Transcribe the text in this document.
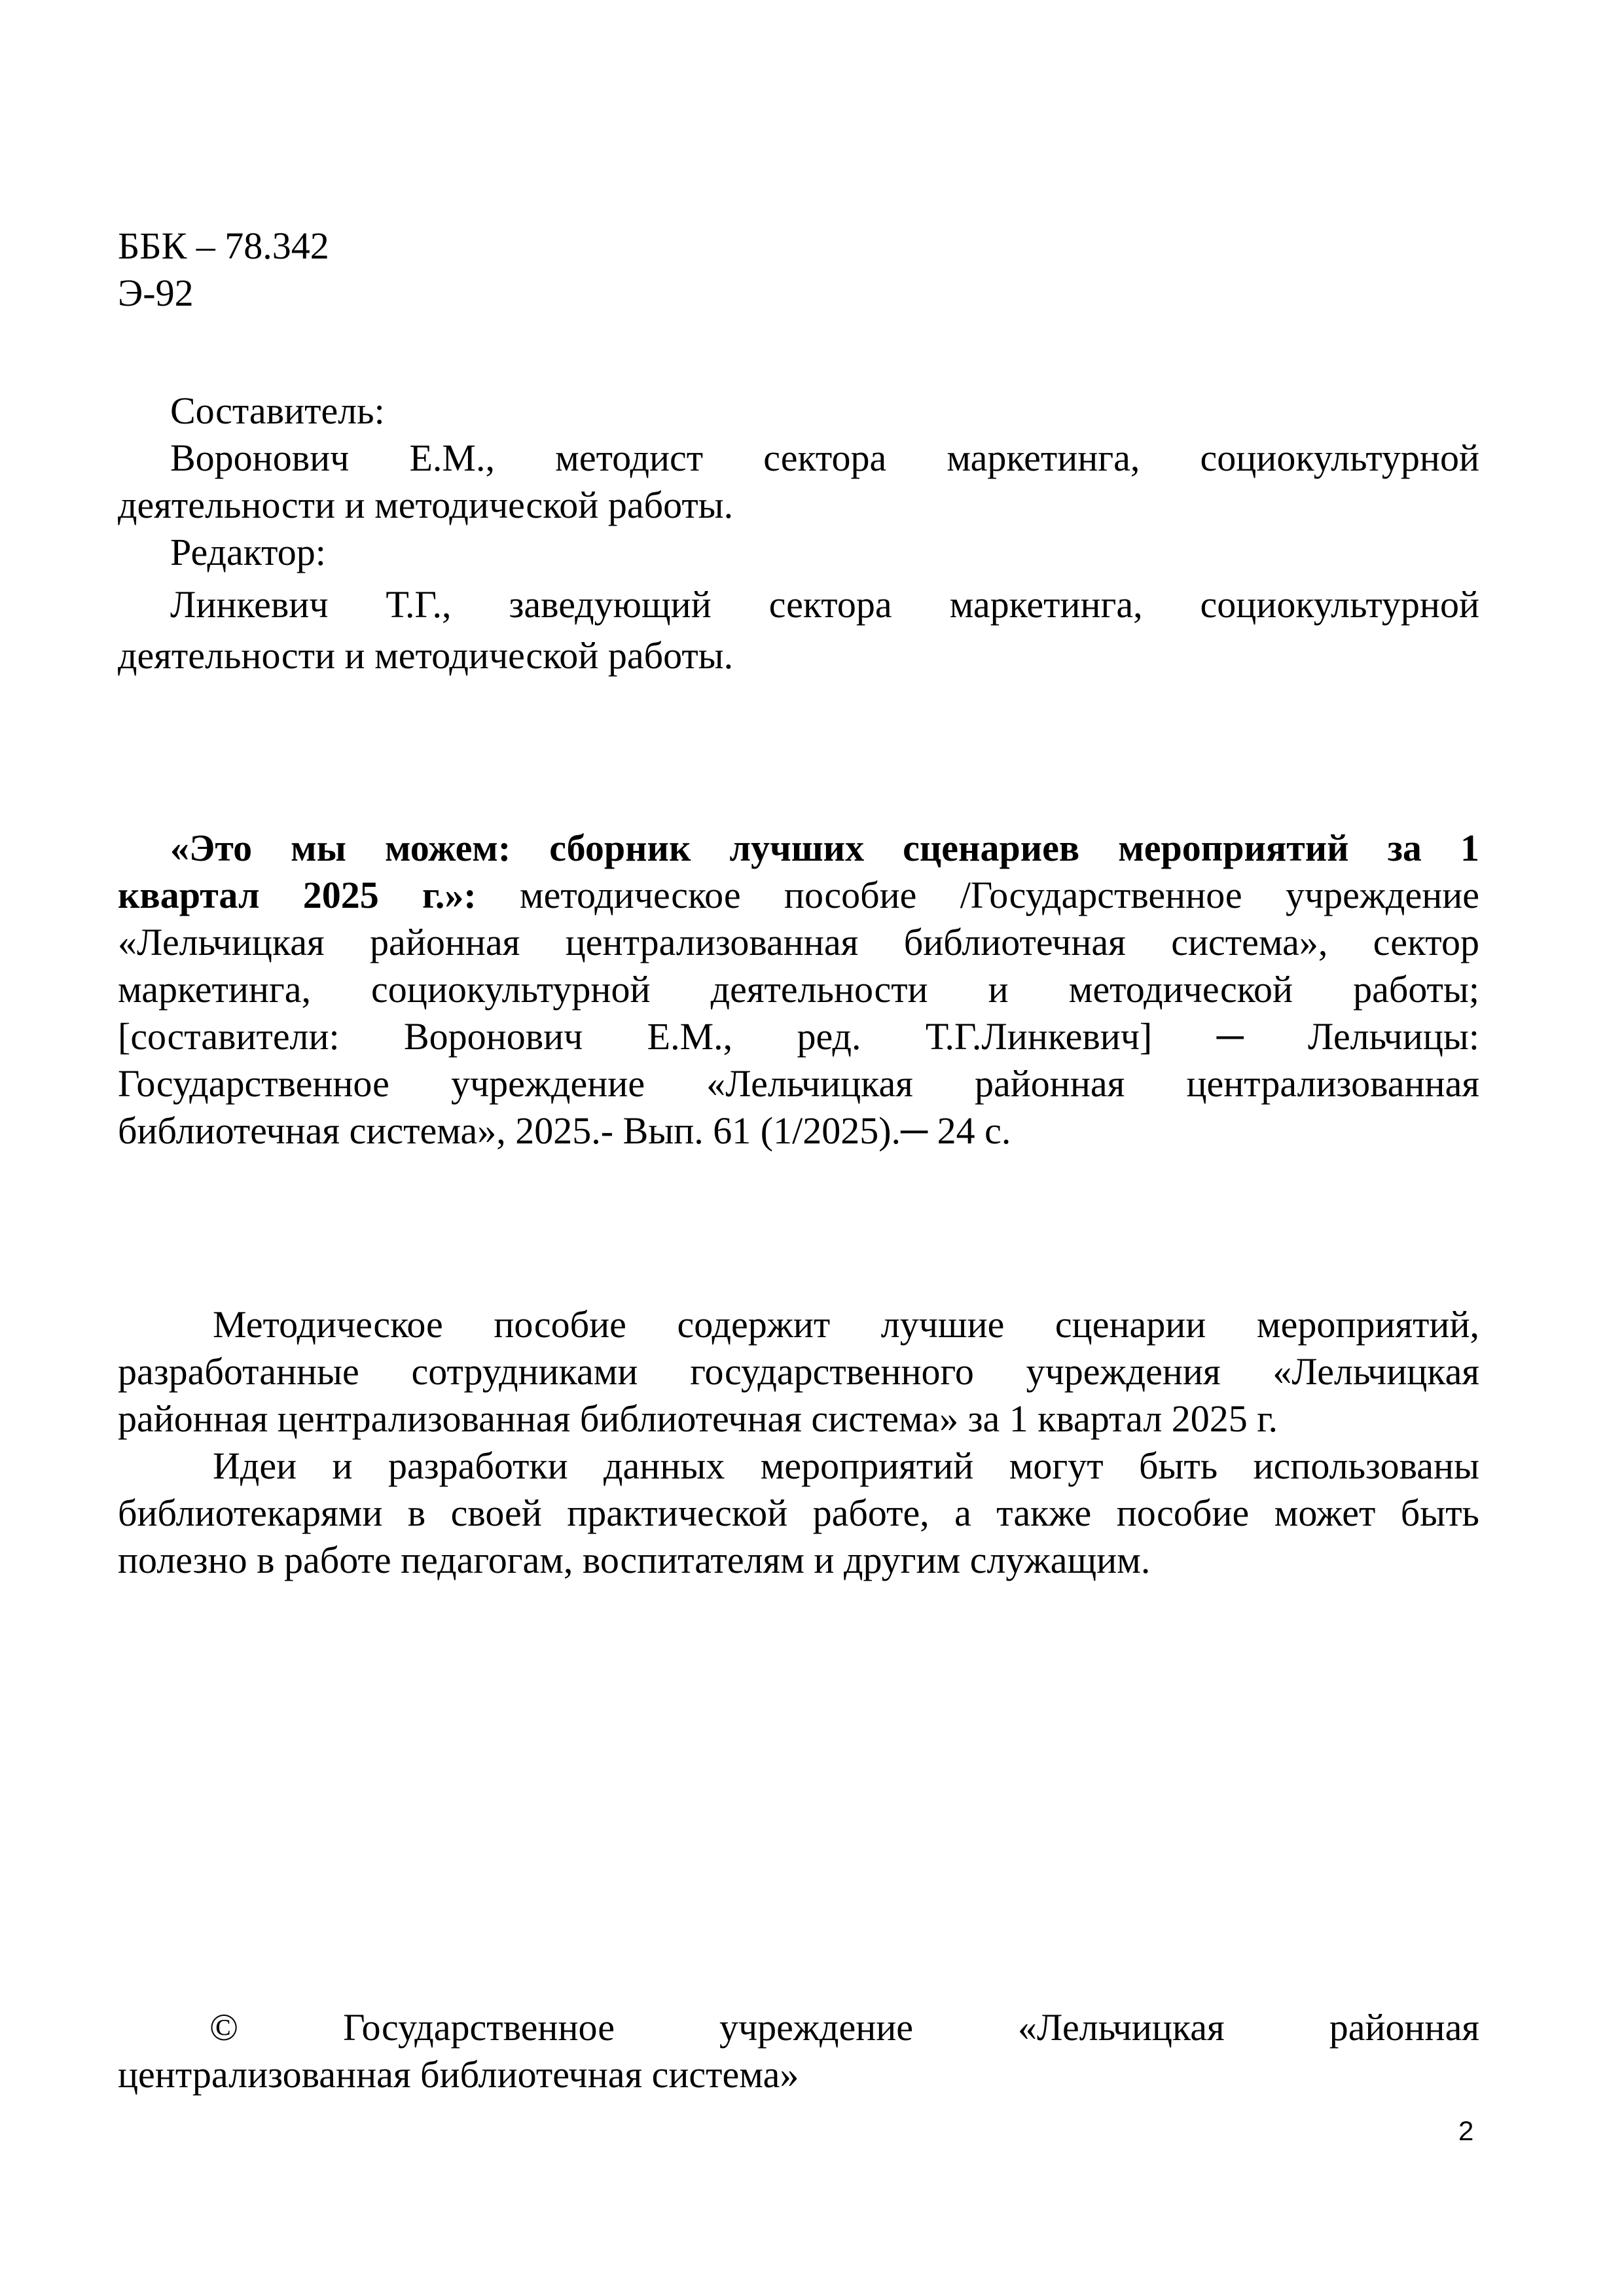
ББК – 78.342
Э-92
Составитель:
Воронович Е.М., методист сектора маркетинга, социокультурной
деятельности и методической работы.
Редактор:
Линкевич Т.Г., заведующий сектора маркетинга, социокультурной
деятельности и методической работы.
«Это мы можем: сборник лучших сценариев мероприятий за 1
квартал 2025 г.»: методическое пособие /Государственное учреждение
«Лельчицкая районная централизованная библиотечная система», сектор
маркетинга, социокультурной деятельности и методической работы;
[составители: Воронович Е.М., ред. Т.Г.Линкевич] ─ Лельчицы:
Государственное учреждение «Лельчицкая районная централизованная
библиотечная система», 2025.- Вып. 61 (1/2025).─ 24 с.
Методическое пособие содержит лучшие сценарии мероприятий,
разработанные сотрудниками государственного учреждения «Лельчицкая
районная централизованная библиотечная система» за 1 квартал 2025 г.
Идеи и разработки данных мероприятий могут быть использованы
библиотекарями в своей практической работе, а также пособие может быть
полезно в работе педагогам, воспитателям и другим служащим.
© Государственное учреждение «Лельчицкая районная
централизованная библиотечная система»
2
